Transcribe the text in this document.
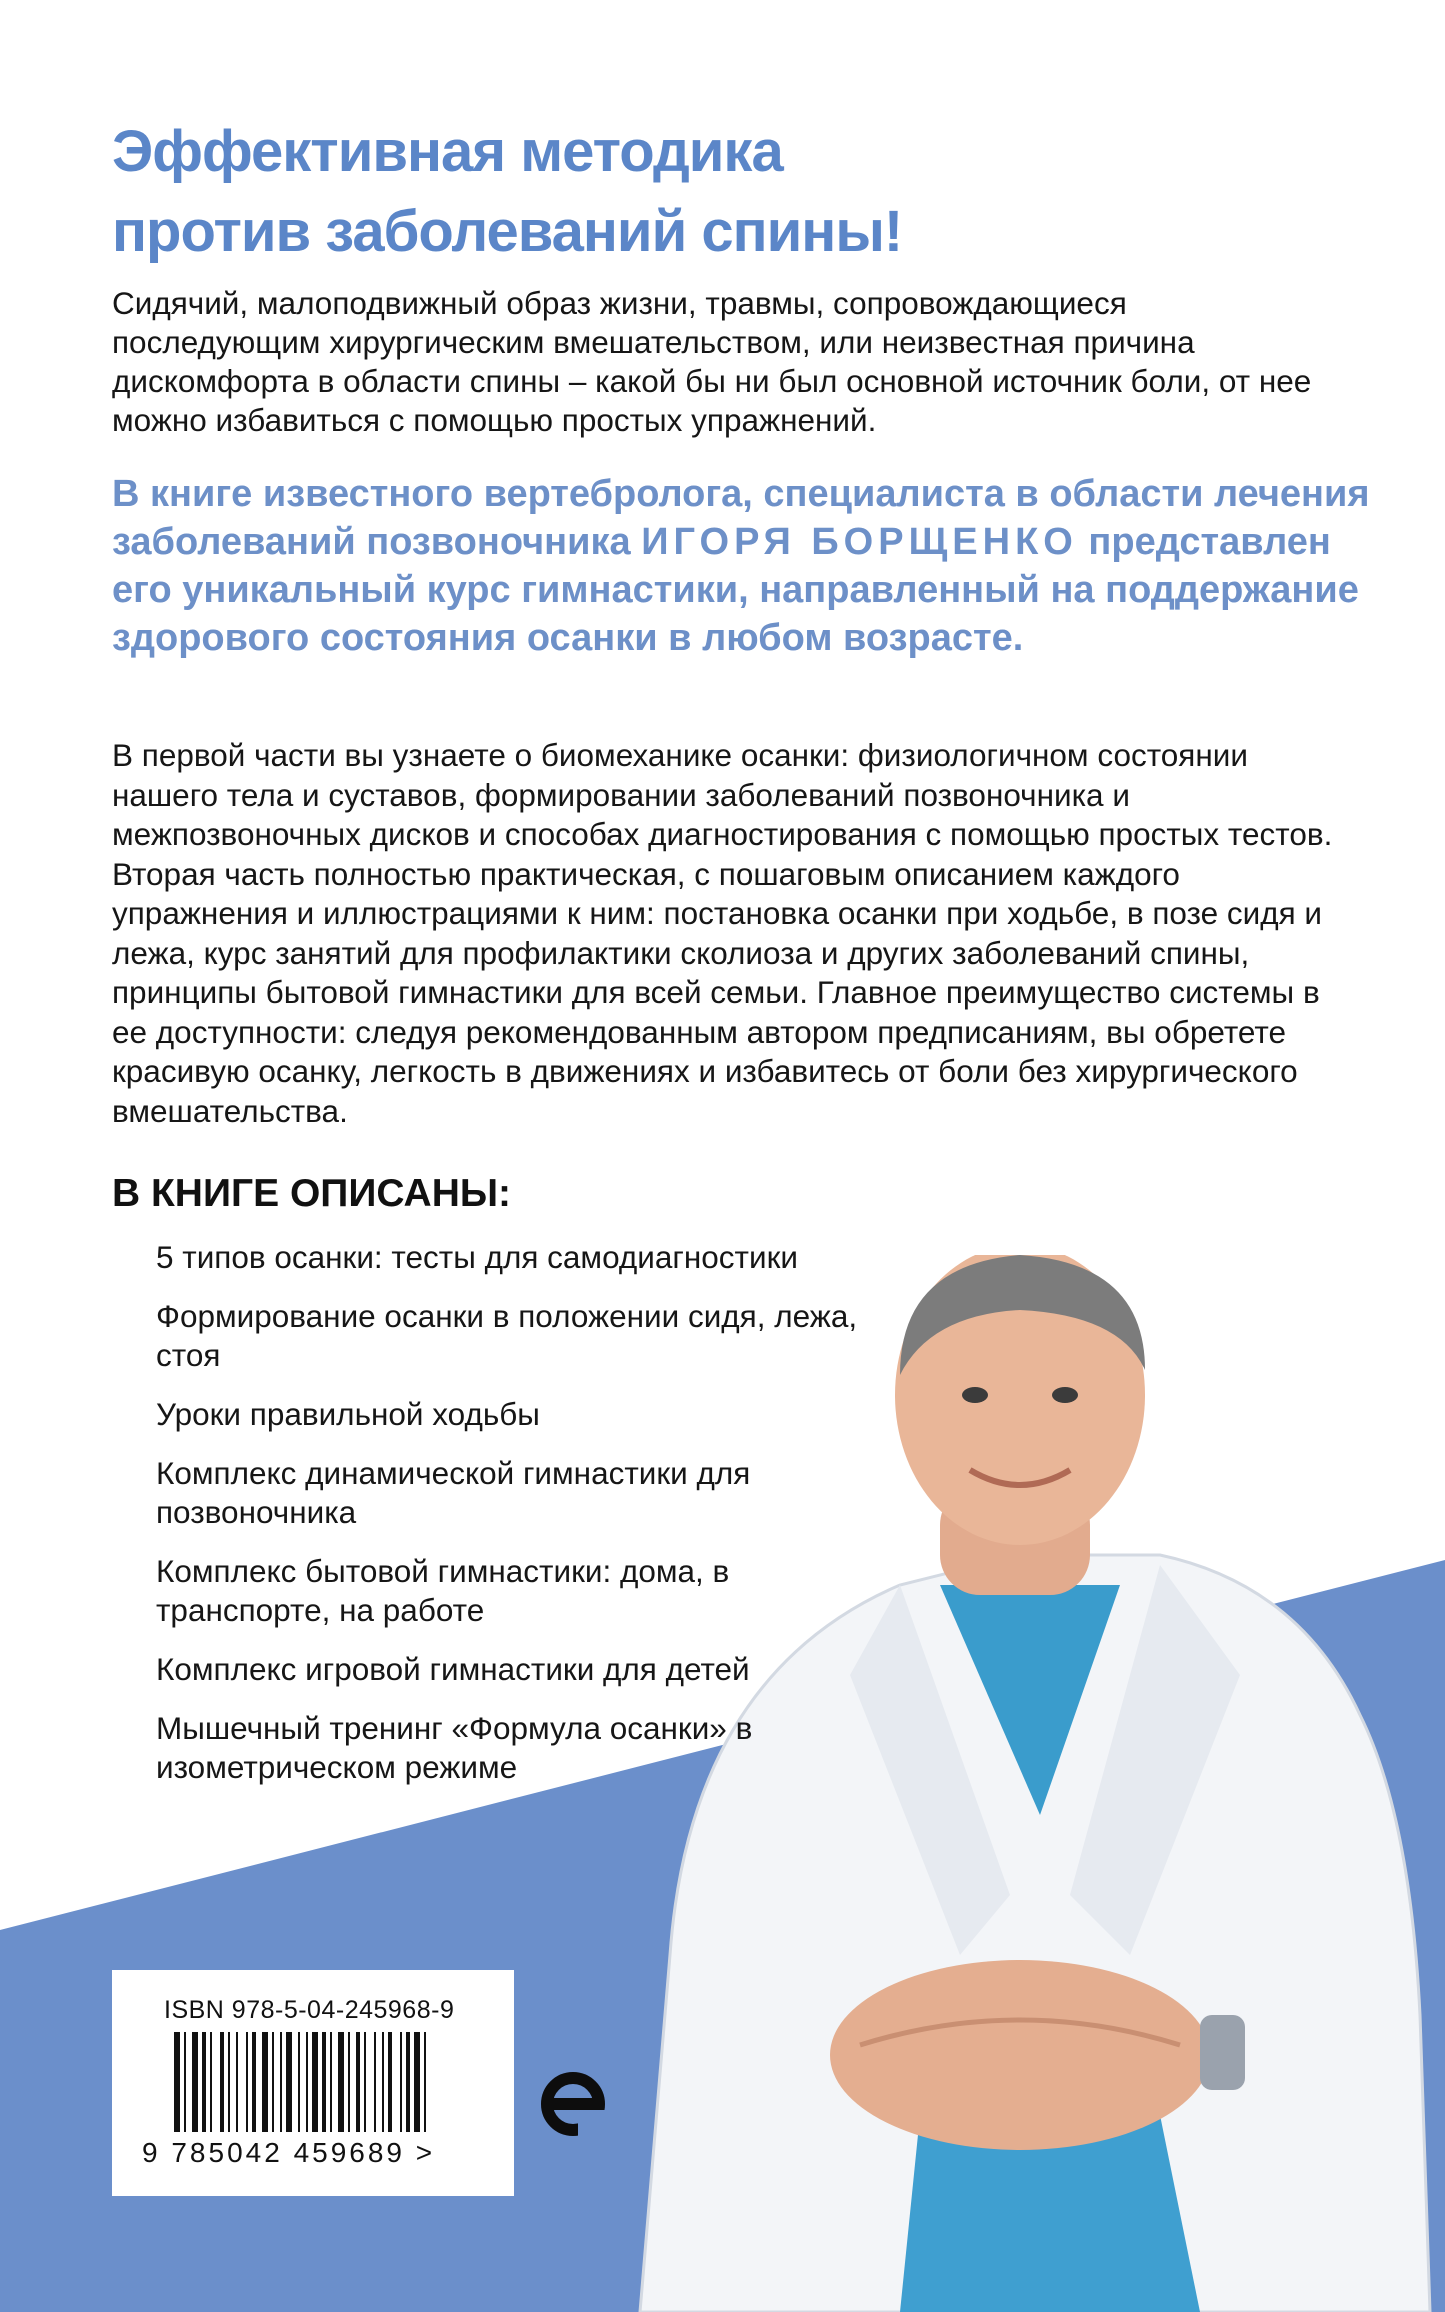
Эффективная методика
против заболеваний спины!

Сидячий, малоподвижный образ жизни, травмы, сопровождающиеся последующим хирургическим вмешательством, или неизвестная причина дискомфорта в области спины – какой бы ни был основной источник боли, от нее можно избавиться с помощью простых упражнений.

В книге известного вертебролога, специалиста в области лечения заболеваний позвоночника ИГОРЯ БОРЩЕНКО представлен его уникальный курс гимнастики, направленный на поддержание здорового состояния осанки в любом возрасте.

В первой части вы узнаете о биомеханике осанки: физиологичном состоянии нашего тела и суставов, формировании заболеваний позвоночника и межпозвоночных дисков и способах диагностирования с помощью простых тестов. Вторая часть полностью практическая, с пошаговым описанием каждого упражнения и иллюстрациями к ним: постановка осанки при ходьбе, в позе сидя и лежа, курс занятий для профилактики сколиоза и других заболеваний спины, принципы бытовой гимнастики для всей семьи. Главное преимущество системы в ее доступности: следуя рекомендованным автором предписаниям, вы обретете красивую осанку, легкость в движениях и избавитесь от боли без хирургического вмешательства.

В КНИГЕ ОПИСАНЫ:
5 типов осанки: тесты для самодиагностики
Формирование осанки в положении сидя, лежа, стоя
Уроки правильной ходьбы
Комплекс динамической гимнастики для позвоночника
Комплекс бытовой гимнастики: дома, в транспорте, на работе
Комплекс игровой гимнастики для детей
Мышечный тренинг «Формула осанки» в изометрическом режиме
ISBN 978-5-04-245968-9
9 785042 459689 >
